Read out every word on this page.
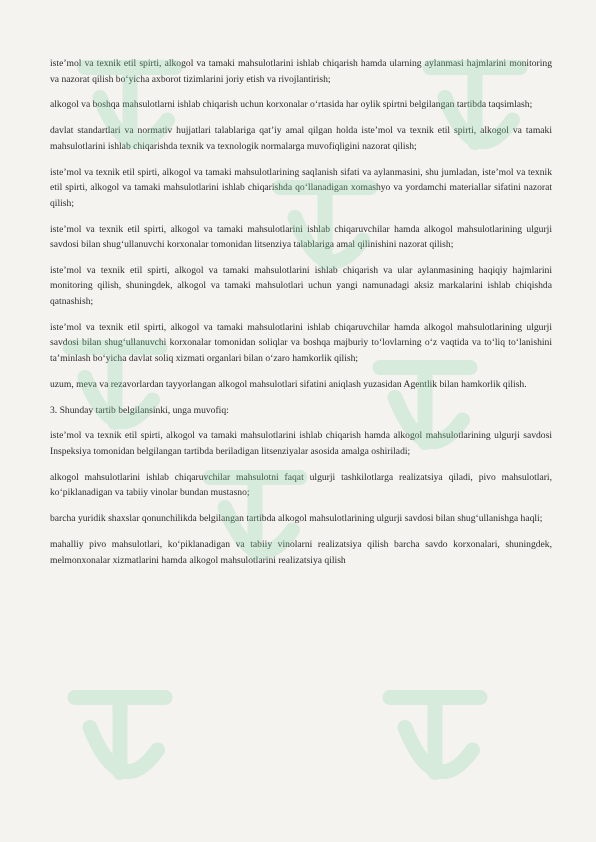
iste’mol va texnik etil spirti, alkogol va tamaki mahsulotlarini ishlab chiqarish hamda ularning aylanmasi hajmlarini monitoring va nazorat qilish bo‘yicha axborot tizimlarini joriy etish va rivojlantirish;

alkogol va boshqa mahsulotlarni ishlab chiqarish uchun korxonalar o‘rtasida har oylik spirtni belgilangan tartibda taqsimlash;

davlat standartlari va normativ hujjatlari talablariga qat’iy amal qilgan holda iste’mol va texnik etil spirti, alkogol va tamaki mahsulotlarini ishlab chiqarishda texnik va texnologik normalarga muvofiqligini nazorat qilish;

iste’mol va texnik etil spirti, alkogol va tamaki mahsulotlarining saqlanish sifati va aylanmasini, shu jumladan, iste’mol va texnik etil spirti, alkogol va tamaki mahsulotlarini ishlab chiqarishda qo‘llanadigan xomashyo va yordamchi materiallar sifatini nazorat qilish;

iste’mol va texnik etil spirti, alkogol va tamaki mahsulotlarini ishlab chiqaruvchilar hamda alkogol mahsulotlarining ulgurji savdosi bilan shug‘ullanuvchi korxonalar tomonidan litsenziya talablariga amal qilinishini nazorat qilish;

iste’mol va texnik etil spirti, alkogol va tamaki mahsulotlarini ishlab chiqarish va ular aylanmasining haqiqiy hajmlarini monitoring qilish, shuningdek, alkogol va tamaki mahsulotlari uchun yangi namunadagi aksiz markalarini ishlab chiqishda qatnashish;

iste’mol va texnik etil spirti, alkogol va tamaki mahsulotlarini ishlab chiqaruvchilar hamda alkogol mahsulotlarining ulgurji savdosi bilan shug‘ullanuvchi korxonalar tomonidan soliqlar va boshqa majburiy to‘lovlarning o‘z vaqtida va to‘liq to‘lanishini ta’minlash bo‘yicha davlat soliq xizmati organlari bilan o‘zaro hamkorlik qilish;

uzum, meva va rezavorlardan tayyorlangan alkogol mahsulotlari sifatini aniqlash yuzasidan Agentlik bilan hamkorlik qilish.

3. Shunday tartib belgilansinki, unga muvofiq:

iste’mol va texnik etil spirti, alkogol va tamaki mahsulotlarini ishlab chiqarish hamda alkogol mahsulotlarining ulgurji savdosi Inspeksiya tomonidan belgilangan tartibda beriladigan litsenziyalar asosida amalga oshiriladi;

alkogol mahsulotlarini ishlab chiqaruvchilar mahsulotni faqat ulgurji tashkilotlarga realizatsiya qiladi, pivo mahsulotlari, ko‘piklanadigan va tabiiy vinolar bundan mustasno;

barcha yuridik shaxslar qonunchilikda belgilangan tartibda alkogol mahsulotlarining ulgurji savdosi bilan shug‘ullanishga haqli;

mahalliy pivo mahsulotlari, ko‘piklanadigan va tabiiy vinolarni realizatsiya qilish barcha savdo korxonalari, shuningdek, melmonxonalar xizmatlarini hamda alkogol mahsulotlarini realizatsiya qilish
